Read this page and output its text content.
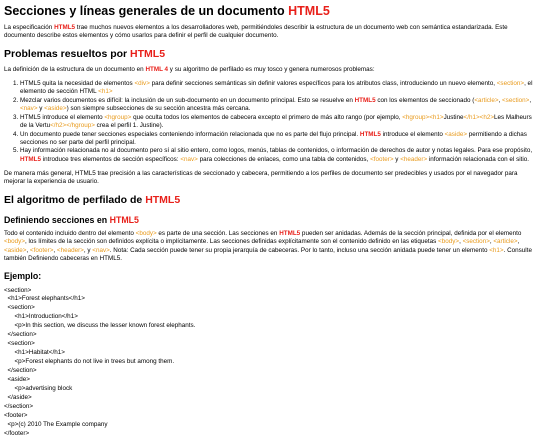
Secciones y líneas generales de un documento HTML5

La especificación HTML5 trae muchos nuevos elementos a los desarrolladores web, permitiéndoles describir la estructura de un documento web con semántica estandarizada. Este documento describe estos elementos y cómo usarlos para definir el perfil de cualquier documento.

Problemas resueltos por HTML5

La definición de la estructura de un documento en HTML 4 y su algoritmo de perfilado es muy tosco y genera numerosos problemas:

1. HTML5 quita la necesidad de elementos <div> para definir secciones semánticas sin definir valores específicos para los atributos class, introduciendo un nuevo elemento, <section>, el elemento de sección HTML <h1>
2. Mezclar varios documentos es difícil: la inclusión de un sub-documento en un documento principal. Esto se resuelve en HTML5 con los elementos de seccionado (<article>, <section>, <nav> y <aside>) son siempre subsecciones de su sección ancestra más cercana.
3. HTML5 introduce el elemento <hgroup> que oculta todos los elementos de cabecera excepto el primero de más alto rango (por ejemplo, <hgroup><h1>Justine</h1><h2>Les Malheurs de la Vertu</h2></hgroup> crea el perfil 1. Justine).
4. Un documento puede tener secciones especiales conteniendo información relacionada que no es parte del flujo principal. HTML5 introduce el elemento <aside> permitiendo a dichas secciones no ser parte del perfil principal.
5. Hay información relacionada no al documento pero sí al sitio entero, como logos, menús, tablas de contenidos, o información de derechos de autor y notas legales. Para ese propósito, HTML5 introduce tres elementos de sección específicos: <nav> para colecciones de enlaces, como una tabla de contenidos, <footer> y <header> información relacionada con el sitio.

De manera más general, HTML5 trae precisión a las características de seccionado y cabecera, permitiendo a los perfiles de documento ser predecibles y usados por el navegador para mejorar la experiencia de usuario.

El algoritmo de perfilado de HTML5
Definiendo secciones en HTML5

Todo el contenido incluido dentro del elemento <body> es parte de una sección. Las secciones en HTML5 pueden ser anidadas. Además de la sección principal, definida por el elemento <body>, los límites de la sección son definidos explícita o implícitamente. Las secciones definidas explícitamente son el contenido definido en las etiquetas <body>, <section>, <article>, <aside>, <footer>, <header>, y <nav>. Nota: Cada sección puede tener su propia jerarquía de cabeceras. Por lo tanto, incluso una sección anidada puede tener un elemento <h1>. Consulte también Definiendo cabeceras en HTML5.

Ejemplo:
<section>
<h1>Forest elephants</h1>
<section>
<h1>Introduction</h1>
<p>In this section, we discuss the lesser known forest elephants.
</section>
<section>
<h1>Habitat</h1>
<p>Forest elephants do not live in trees but among them.
</section>
<aside>
<p>advertising block
</aside>
</section>
<footer>
<p>(c) 2010 The Example company
</footer>
